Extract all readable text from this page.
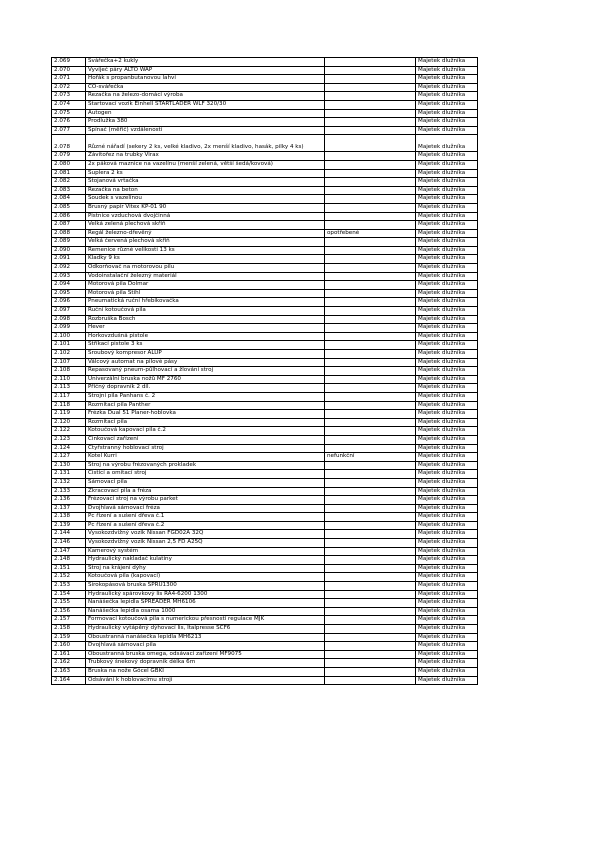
2.069	Svářečka+2 kukly		Majetek dlužníka
2.070	Vyvíječ páry ALTO WAP		Majetek dlužníka
2.071	Hořák s propanbutanovou lahví		Majetek dlužníka
2.072	CO-svářečka		Majetek dlužníka
2.073	Řezačka na železo-domácí výroba		Majetek dlužníka
2.074	Startovací vozík Einhell STARTLADER WLF 320/30		Majetek dlužníka
2.075	Autogen		Majetek dlužníka
2.076	Prodlužka 380		Majetek dlužníka
2.077	Spínač (měřič) vzdálenosti		Majetek dlužníka
2.078	Různé nářadí (sekery 2 ks, velké kladivo, 2x menší kladivo, hasák, pilky 4 ks)		Majetek dlužníka
2.079	Závitořez na trubky Virax		Majetek dlužníka
2.080	2x páková maznice na vazelínu (menší zelená, větší šedá/kovová)		Majetek dlužníka
2.081	Suplera 2 ks		Majetek dlužníka
2.082	Stojanová vrtačka		Majetek dlužníka
2.083	Řezačka na beton		Majetek dlužníka
2.084	Soudek s vazelínou		Majetek dlužníka
2.085	Brusný papír Vitex KP-01 90		Majetek dlužníka
2.086	Pistnice vzduchová dvojčinná		Majetek dlužníka
2.087	Velká zelená plechová skříň		Majetek dlužníka
2.088	Regál železno-dřevěný	opotřebené	Majetek dlužníka
2.089	Velká červená plechová skříň		Majetek dlužníka
2.090	Řemenice různé velikosti 13 ks		Majetek dlužníka
2.091	Kladky 9 ks		Majetek dlužníka
2.092	Odkorňovač na motorovou pilu		Majetek dlužníka
2.093	Vodoinstalační železný materiál		Majetek dlužníka
2.094	Motorová pila Dolmar		Majetek dlužníka
2.095	Motorová pila Stihl		Majetek dlužníka
2.096	Pneumatická ruční hřebíkovačka		Majetek dlužníka
2.097	Ruční kotoučová pila		Majetek dlužníka
2.098	Rozbruška Bosch		Majetek dlužníka
2.099	Hever		Majetek dlužníka
2.100	Horkovzdušná pistole		Majetek dlužníka
2.101	Stříkací pistole 3 ks		Majetek dlužníka
2.102	Šroubový kompresor ALUP		Majetek dlužníka
2.107	Válcový automat na pilové pásy		Majetek dlužníka
2.108	Repasovaný pneum-půlhovací a žlování stroj		Majetek dlužníka
2.110	Univerzální bruska nožů MF 2760		Majetek dlužníka
2.113	Příčný dopravník 2 díl.		Majetek dlužníka
2.117	Strojní pila Panhans č. 2		Majetek dlužníka
2.118	Rozmítací pila Panther		Majetek dlužníka
2.119	Frézka Dual 51 Planer-hoblovka		Majetek dlužníka
2.120	Rozmítací pila		Majetek dlužníka
2.122	Kotoučová kapovací pila č.2		Majetek dlužníka
2.123	Cinkovací zařízení		Majetek dlužníka
2.124	Čtyřstranný hoblovací stroj		Majetek dlužníka
2.127	Kotel Kurri	nefunkční	Majetek dlužníka
2.130	Stroj na výrobu frézovaných prokladek		Majetek dlužníka
2.131	Čistící a omítací stroj		Majetek dlužníka
2.132	Sámovací pila		Majetek dlužníka
2.133	Zkracovací pila a fréza		Majetek dlužníka
2.136	Frézovací stroj na výrobu parket		Majetek dlužníka
2.137	Dvojhlavá sámovací fréza		Majetek dlužníka
2.138	Pc řízení a sušení dřeva č.1		Majetek dlužníka
2.139	Pc řízení a sušení dřeva č.2		Majetek dlužníka
2.144	Vysokozdvižný vozík Nissan FGD02A 32Q		Majetek dlužníka
2.146	Vysokozdvižný vozík Nissan 2,5 FD A25Q		Majetek dlužníka
2.147	Kamerový systém		Majetek dlužníka
2.148	Hydraulický nakladač kulatiny		Majetek dlužníka
2.151	Stroj na krájení dýhy		Majetek dlužníka
2.152	Kotoučová pila (kapovací)		Majetek dlužníka
2.153	Širokopásová bruska SPRU1300		Majetek dlužníka
2.154	Hydraulický spárovkový lis RA4-6200 1300		Majetek dlužníka
2.155	Nanášečka lepidla SPREADER MH6106		Majetek dlužníka
2.156	Nanášečka lepidla osama 1000		Majetek dlužníka
2.157	Formovací kotoučová pila s numerickou přesností regulace MJK		Majetek dlužníka
2.158	Hydraulický vytápěný dýhovací lis, Italpresse SCF6		Majetek dlužníka
2.159	Oboustranná nanášečka lepidla MH6213		Majetek dlužníka
2.160	Dvojhlavá sámovací pila		Majetek dlužníka
2.161	Oboustranná bruska omega, odsávací zařízení MF9075		Majetek dlužníka
2.162	Trubkový šnekový dopravník délka 6m		Majetek dlužníka
2.163	Bruska na nože Gőcel GBKI		Majetek dlužníka
2.164	Odsávání k hoblovacímu stroji		Majetek dlužníka
